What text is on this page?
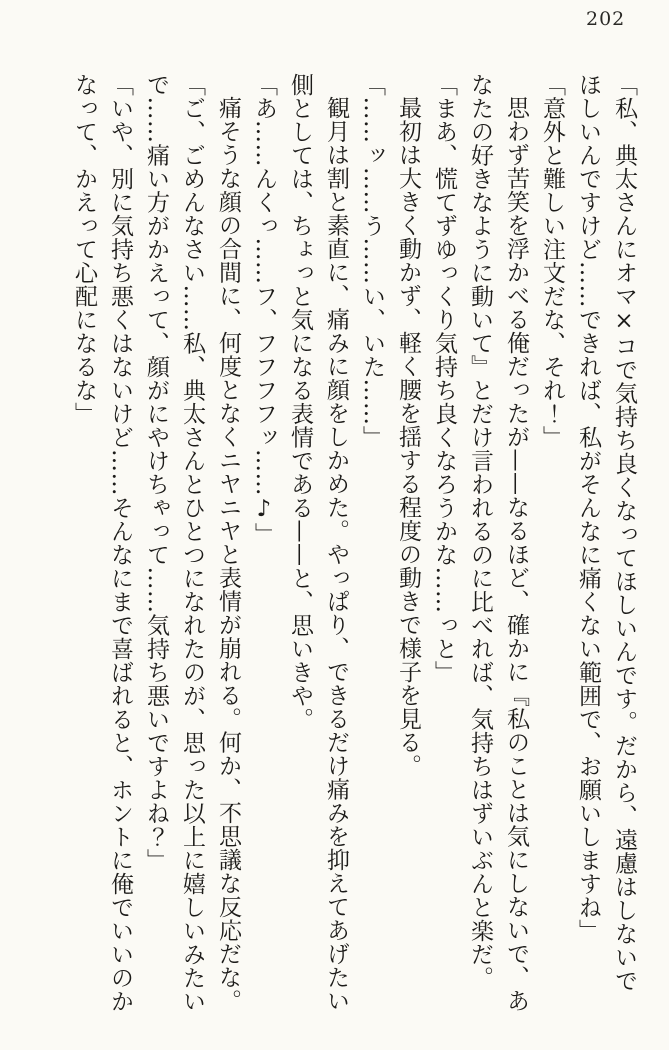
202

「私、典太さんにオマ×コで気持ち良くなってほしいんです。だから、遠慮はしないでほしいんですけど……できれば、私がそんなに痛くない範囲で、お願いしますね」

「意外と難しい注文だな、それ！」

思わず苦笑を浮かべる俺だったが——なるほど、確かに『私のことは気にしないで、あなたの好きなように動いて』とだけ言われるのに比べれば、気持ちはずいぶんと楽だ。

「まあ、慌てずゆっくり気持ち良くなろうかな……っと」

最初は大きく動かず、軽く腰を揺する程度の動きで様子を見る。

「……ッ……う……い、いた……」

観月は割と素直に、痛みに顔をしかめた。やっぱり、できるだけ痛みを抑えてあげたい側としては、ちょっと気になる表情である——と、思いきや。

「あ……んくっ……フ、フフフフッ……♪」

痛そうな顔の合間に、何度となくニヤニヤと表情が崩れる。何か、不思議な反応だな。

「ご、ごめんなさい……私、典太さんとひとつになれたのが、思った以上に嬉しいみたいで……痛い方がかえって、顔がにやけちゃって……気持ち悪いですよね？」

「いや、別に気持ち悪くはないけど……そんなにまで喜ばれると、ホントに俺でいいのかなって、かえって心配になるな」
